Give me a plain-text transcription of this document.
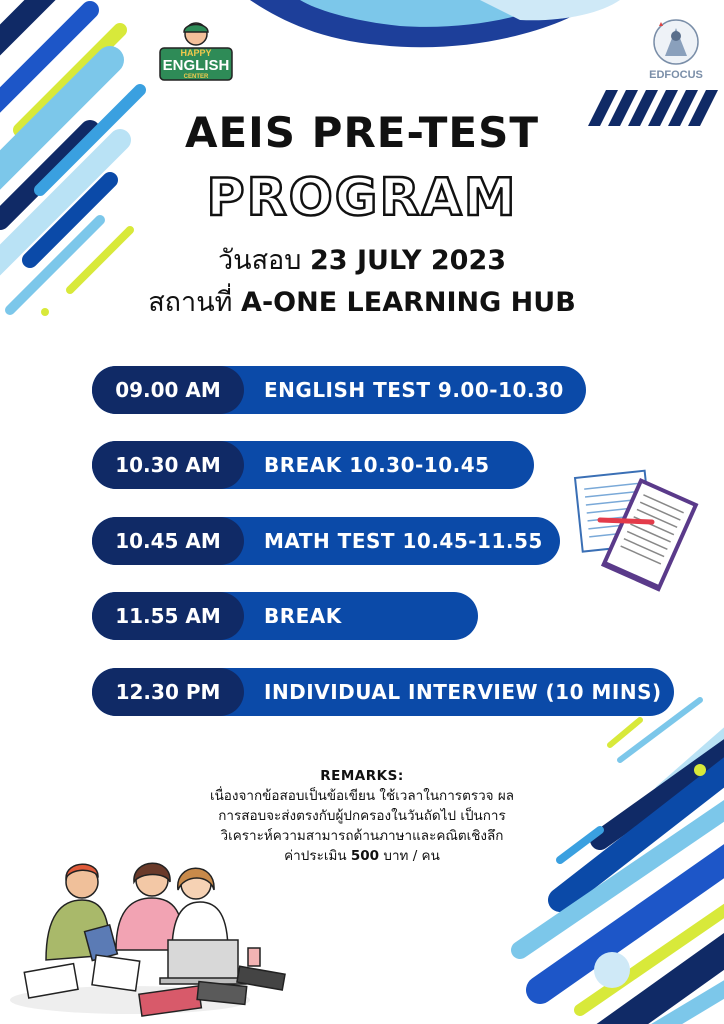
HAPPY
ENGLISH
CENTER	EDFOCUS
AEIS PRE-TEST
PROGRAM
วันสอบ 23 JULY 2023
สถานที่ A-ONE LEARNING HUB
09.00 AM	ENGLISH TEST 9.00-10.30
10.30 AM	BREAK 10.30-10.45
10.45 AM	MATH TEST 10.45-11.55
11.55 AM	BREAK
12.30 PM	INDIVIDUAL INTERVIEW (10 MINS)
REMARKS:
เนื่องจากข้อสอบเป็นข้อเขียน ใช้เวลาในการตรวจ ผล
การสอบจะส่งตรงกับผู้ปกครองในวันถัดไป เป็นการ
วิเคราะห์ความสามารถด้านภาษาและคณิตเชิงลึก
ค่าประเมิน 500 บาท / คน
